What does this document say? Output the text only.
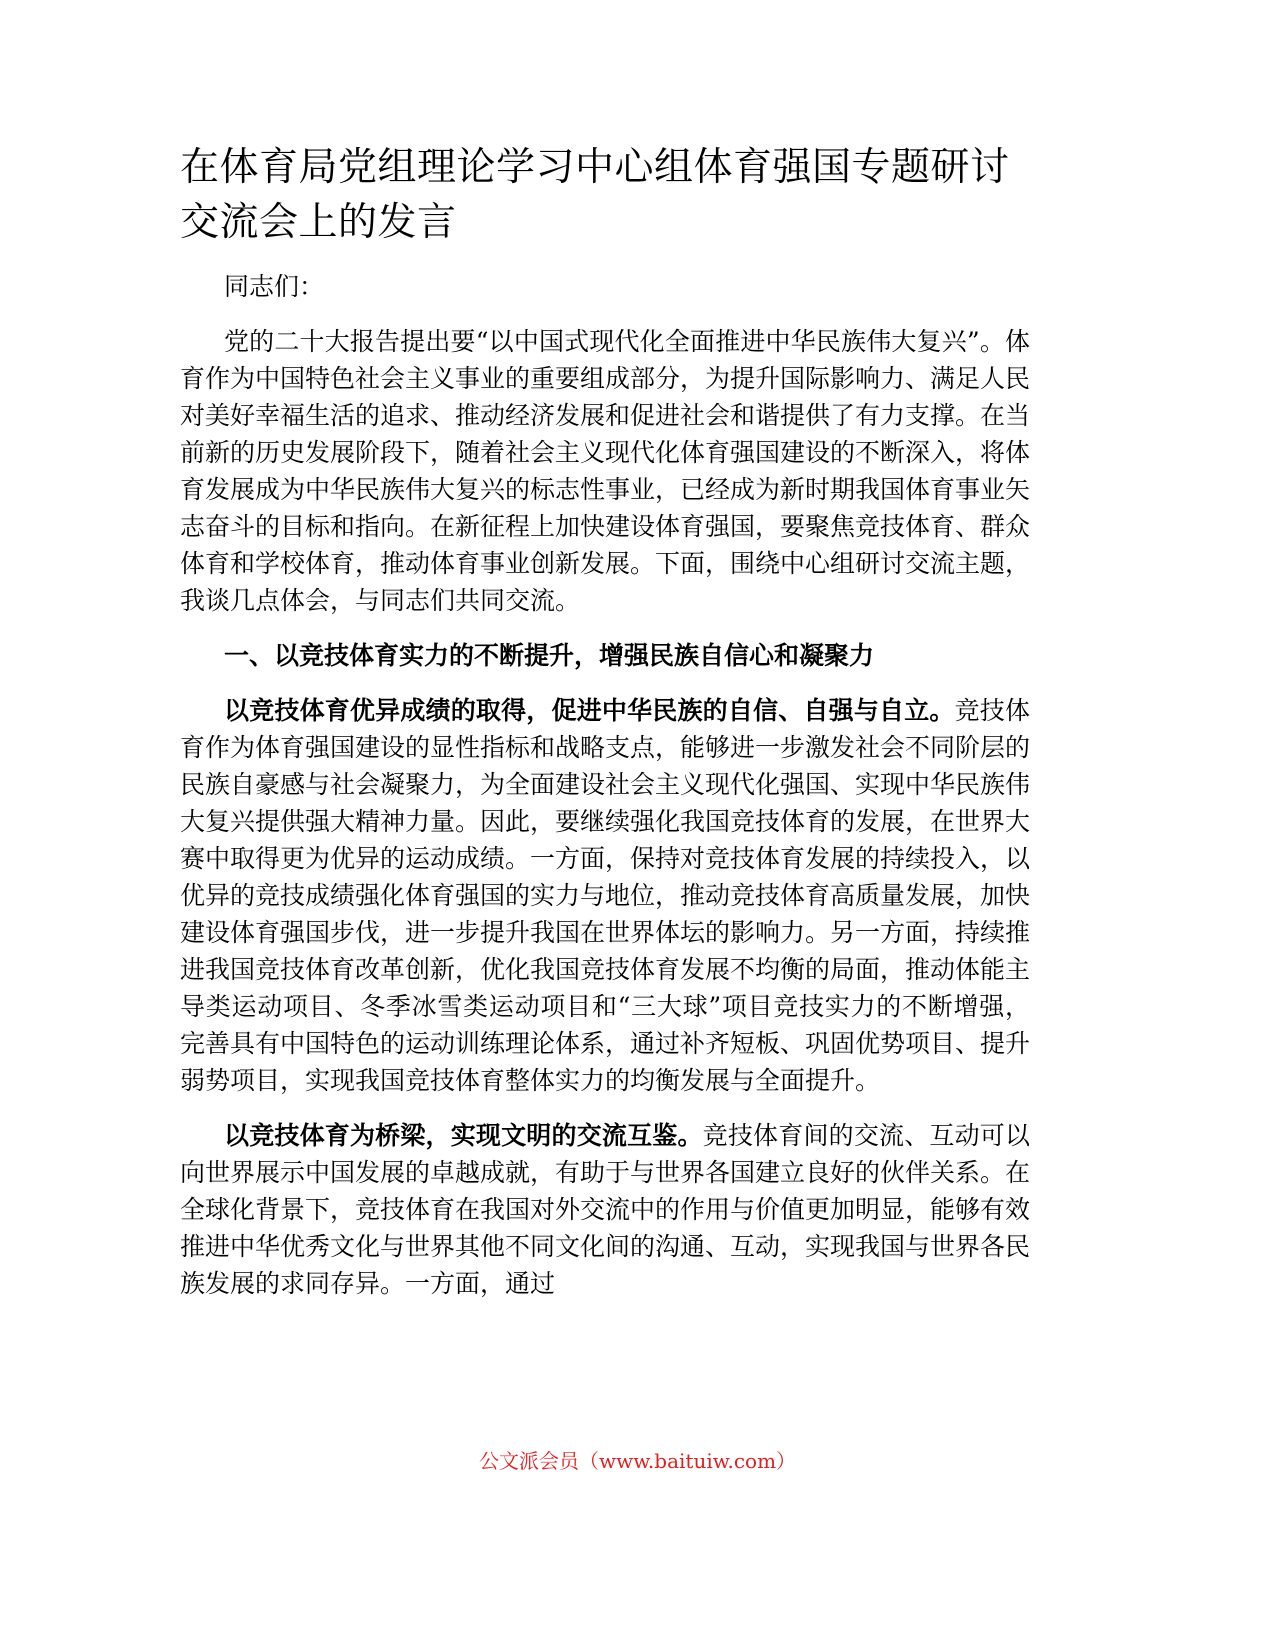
在体育局党组理论学习中心组体育强国专题研讨交流会上的发言

同志们：

党的二十大报告提出要“以中国式现代化全面推进中华民族伟大复兴”。体育作为中国特色社会主义事业的重要组成部分，为提升国际影响力、满足人民对美好幸福生活的追求、推动经济发展和促进社会和谐提供了有力支撑。在当前新的历史发展阶段下，随着社会主义现代化体育强国建设的不断深入，将体育发展成为中华民族伟大复兴的标志性事业，已经成为新时期我国体育事业矢志奋斗的目标和指向。在新征程上加快建设体育强国，要聚焦竞技体育、群众体育和学校体育，推动体育事业创新发展。下面，围绕中心组研讨交流主题，我谈几点体会，与同志们共同交流。

一、以竞技体育实力的不断提升，增强民族自信心和凝聚力

以竞技体育优异成绩的取得，促进中华民族的自信、自强与自立。竞技体育作为体育强国建设的显性指标和战略支点，能够进一步激发社会不同阶层的民族自豪感与社会凝聚力，为全面建设社会主义现代化强国、实现中华民族伟大复兴提供强大精神力量。因此，要继续强化我国竞技体育的发展，在世界大赛中取得更为优异的运动成绩。一方面，保持对竞技体育发展的持续投入，以优异的竞技成绩强化体育强国的实力与地位，推动竞技体育高质量发展，加快建设体育强国步伐，进一步提升我国在世界体坛的影响力。另一方面，持续推进我国竞技体育改革创新，优化我国竞技体育发展不均衡的局面，推动体能主导类运动项目、冬季冰雪类运动项目和“三大球”项目竞技实力的不断增强，完善具有中国特色的运动训练理论体系，通过补齐短板、巩固优势项目、提升弱势项目，实现我国竞技体育整体实力的均衡发展与全面提升。

以竞技体育为桥梁，实现文明的交流互鉴。竞技体育间的交流、互动可以向世界展示中国发展的卓越成就，有助于与世界各国建立良好的伙伴关系。在全球化背景下，竞技体育在我国对外交流中的作用与价值更加明显，能够有效推进中华优秀文化与世界其他不同文化间的沟通、互动，实现我国与世界各民族发展的求同存异。一方面，通过

公文派会员（www.baituiw.com）
